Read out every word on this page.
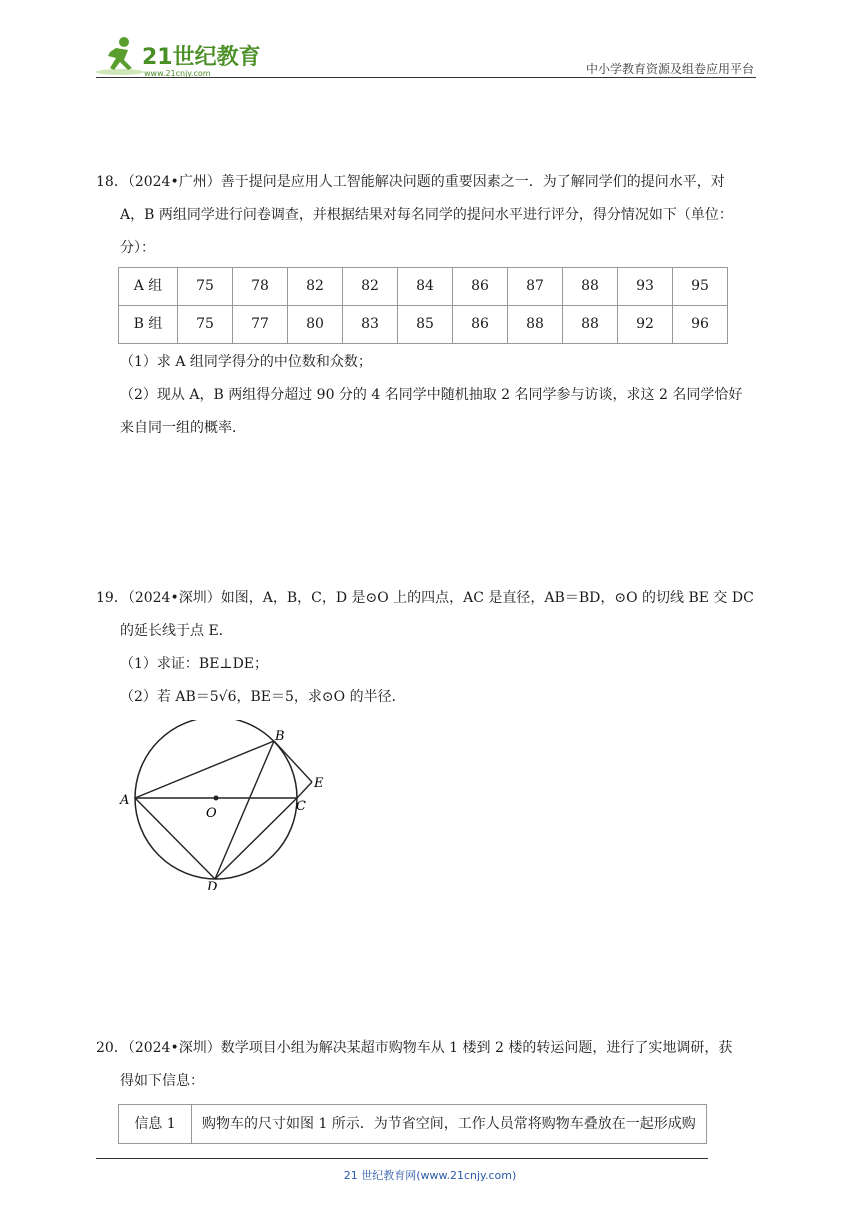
21世纪教育
www.21cnjy.com	中小学教育资源及组卷应用平台

18．（2024•广州）善于提问是应用人工智能解决问题的重要因素之一．为了解同学们的提问水平，对

A，B 两组同学进行问卷调查，并根据结果对每名同学的提问水平进行评分，得分情况如下（单位：

分）：

A 组	75	78	82	82	84	86	87	88	93	95
B 组	75	77	80	83	85	86	88	88	92	96

（1）求 A 组同学得分的中位数和众数；

（2）现从 A，B 两组得分超过 90 分的 4 名同学中随机抽取 2 名同学参与访谈，求这 2 名同学恰好

来自同一组的概率．

19．（2024•深圳）如图，A，B，C，D 是⊙O 上的四点，AC 是直径，AB＝BD，⊙O 的切线 BE 交 DC

的延长线于点 E．

（1）求证：BE⊥DE；

（2）若 AB＝5√6，BE＝5，求⊙O 的半径．

A
B
C
D
E
O

20．（2024•深圳）数学项目小组为解决某超市购物车从 1 楼到 2 楼的转运问题，进行了实地调研，获

得如下信息：

信息 1	购物车的尺寸如图 1 所示．为节省空间，工作人员常将购物车叠放在一起形成购
21 世纪教育网(www.21cnjy.com)
